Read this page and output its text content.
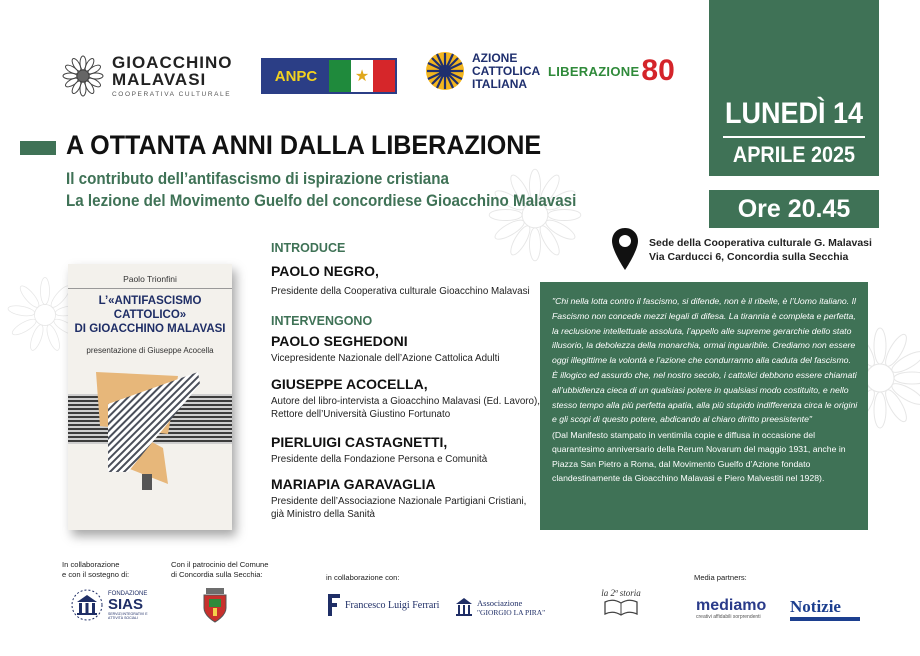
GIOACCHINO
MALAVASI
COOPERATIVA CULTURALE
ANPC	★
AZIONE
CATTOLICA
ITALIANA
LIBERAZIONE 80
LUNEDÌ 14
APRILE 2025
Ore 20.45
A OTTANTA ANNI DALLA LIBERAZIONE
Il contributo dell’antifascismo di ispirazione cristiana
La lezione del Movimento Guelfo del concordiese Gioacchino Malavasi
Paolo Trionfini
L’«ANTIFASCISMO
CATTOLICO»
DI GIOACCHINO MALAVASI
presentazione di Giuseppe Acocella
INTRODUCE
PAOLO NEGRO,
Presidente della Cooperativa culturale Gioacchino Malavasi
INTERVENGONO
PAOLO SEGHEDONI
Vicepresidente Nazionale dell’Azione Cattolica Adulti
GIUSEPPE ACOCELLA,
Autore del libro-intervista a Gioacchino Malavasi (Ed. Lavoro),
Rettore dell’Università Giustino Fortunato
PIERLUIGI CASTAGNETTI,
Presidente della Fondazione Persona e Comunità
MARIAPIA GARAVAGLIA
Presidente dell’Associazione Nazionale Partigiani Cristiani,
già Ministro della Sanità
Sede della Cooperativa culturale G. Malavasi
Via Carducci 6, Concordia sulla Secchia
"Chi nella lotta contro il fascismo, si difende, non è il ribelle, è l’Uomo italiano. Il Fascismo non concede mezzi legali di difesa. La tirannia è completa e perfetta, la reclusione intellettuale assoluta, l’appello alle supreme gerarchie dello stato illusorio, la debolezza della monarchia, ormai inguaribile. Crediamo non essere oggi illegittime la volontà e l’azione che condurranno alla caduta del fascismo. È illogico ed assurdo che, nel nostro secolo, i cattolici debbono essere chiamati all’ubbidienza cieca di un qualsiasi potere in qualsiasi modo costituito, e nello stesso tempo alla più perfetta apatia, alla più stupido indifferenza circa le origini e gli scopi di questo potere, abdicando al chiaro diritto preesistente"
(Dal Manifesto stampato in ventimila copie e diffusa in occasione del quarantesimo anniversario della Rerum Novarum del maggio 1931, anche in Piazza San Pietro a Roma, dal Movimento Guelfo d’Azione fondato clandestinamente da Gioacchino Malavasi e Piero Malvestiti nel 1928).
In collaborazione
e con il sostegno di:
Con il patrocinio del Comune
di Concordia sulla Secchia:	in collaborazione con:	Media partners:
FONDAZIONE
SIAS
SERVIZI INTEGRATIVI E ATTIVITÀ SOCIALI
Francesco Luigi Ferrari	Associazione
"GIORGIO LA PIRA"
la 2ª storia
mediamo
creativi affidabili sorprendenti
Notizie
